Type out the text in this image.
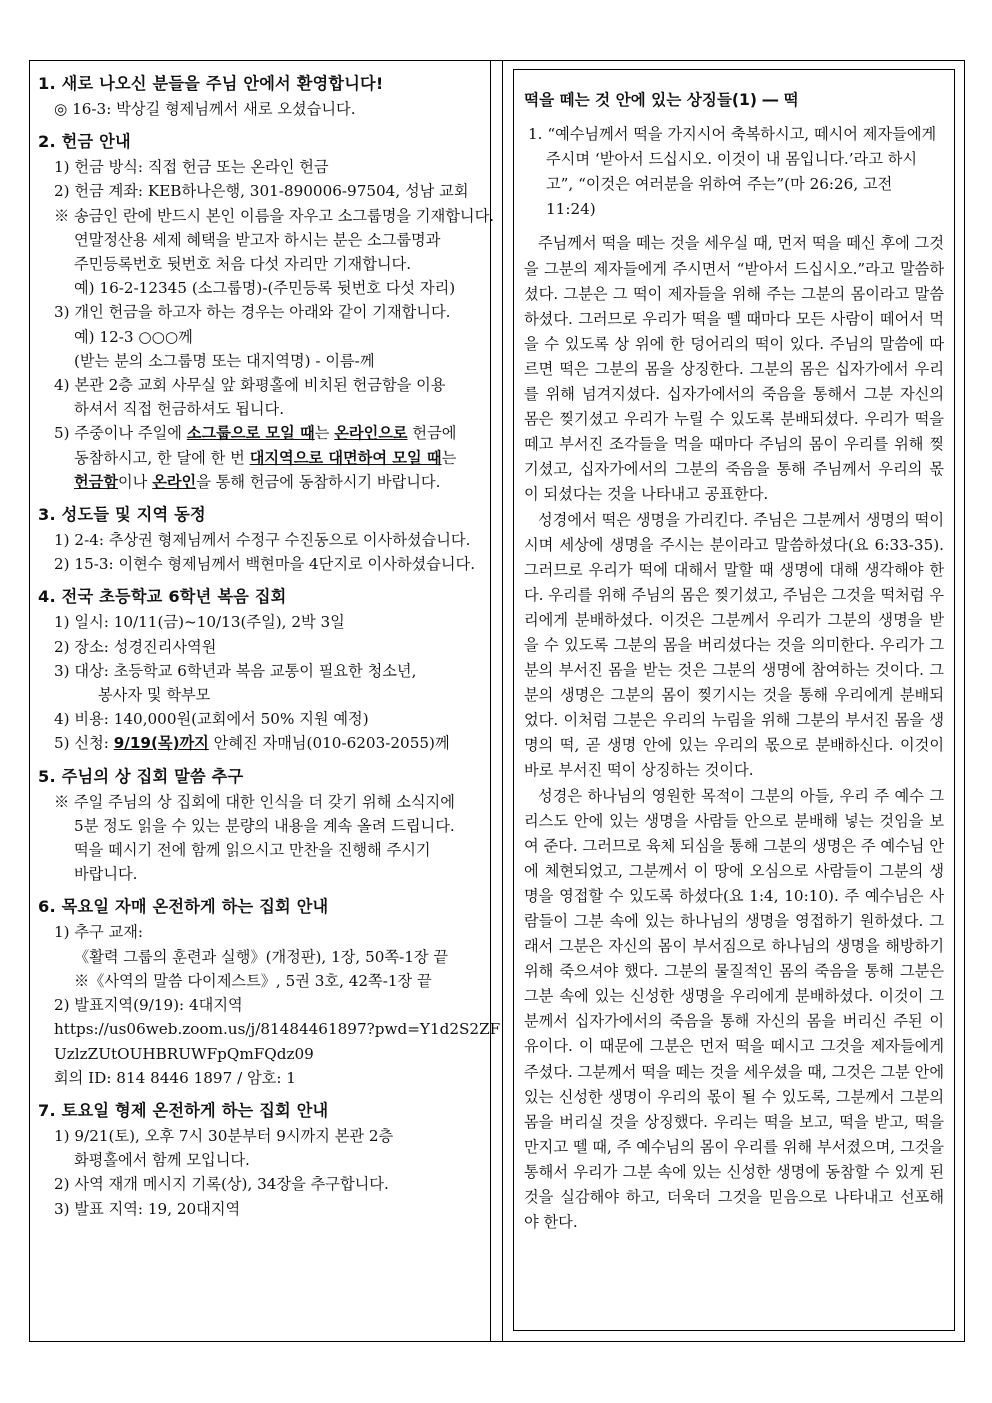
1. 새로 나오신 분들을 주님 안에서 환영합니다!
◎ 16-3: 박상길 형제님께서 새로 오셨습니다.
2. 헌금 안내
1) 헌금 방식: 직접 헌금 또는 온라인 헌금
2) 헌금 계좌: KEB하나은행, 301-890006-97504, 성남 교회
※ 송금인 란에 반드시 본인 이름을 자우고 소그룹명을 기재합니다.
연말정산용 세제 혜택을 받고자 하시는 분은 소그룹명과
주민등록번호 뒷번호 처음 다섯 자리만 기재합니다.
예) 16-2-12345 (소그룹명)-(주민등록 뒷번호 다섯 자리)
3) 개인 헌금을 하고자 하는 경우는 아래와 같이 기재합니다.
예) 12-3 ○○○께
(받는 분의 소그룹명 또는 대지역명) - 이름-께
4) 본관 2층 교회 사무실 앞 화평홀에 비치된 헌금함을 이용
하셔서 직접 헌금하셔도 됩니다.
5) 주중이나 주일에 소그룹으로 모일 때는 온라인으로 헌금에
동참하시고, 한 달에 한 번 대지역으로 대면하여 모일 때는
헌금함이나 온라인을 통해 헌금에 동참하시기 바랍니다.
3. 성도들 및 지역 동정
1) 2-4: 추상권 형제님께서 수정구 수진동으로 이사하셨습니다.
2) 15-3: 이현수 형제님께서 백현마을 4단지로 이사하셨습니다.
4. 전국 초등학교 6학년 복음 집회
1) 일시: 10/11(금)~10/13(주일), 2박 3일
2) 장소: 성경진리사역원
3) 대상: 초등학교 6학년과 복음 교통이 필요한 청소년,
봉사자 및 학부모
4) 비용: 140,000원(교회에서 50% 지원 예정)
5) 신청: 9/19(목)까지 안혜진 자매님(010-6203-2055)께
5. 주님의 상 집회 말씀 추구
※ 주일 주님의 상 집회에 대한 인식을 더 갖기 위해 소식지에
5분 정도 읽을 수 있는 분량의 내용을 계속 올려 드립니다.
떡을 떼시기 전에 함께 읽으시고 만찬을 진행해 주시기
바랍니다.
6. 목요일 자매 온전하게 하는 집회 안내
1) 추구 교재:
《활력 그룹의 훈련과 실행》(개정판), 1장, 50쪽-1장 끝
※《사역의 말씀 다이제스트》, 5권 3호, 42쪽-1장 끝
2) 발표지역(9/19): 4대지역
https://us06web.zoom.us/j/81484461897?pwd=Y1d2S2ZF
UzlzZUtOUHBRUWFpQmFQdz09
회의 ID: 814 8446 1897 / 암호: 1
7. 토요일 형제 온전하게 하는 집회 안내
1) 9/21(토), 오후 7시 30분부터 9시까지 본관 2층
화평홀에서 함께 모입니다.
2) 사역 재개 메시지 기록(상), 34장을 추구합니다.
3) 발표 지역: 19, 20대지역
떡을 떼는 것 안에 있는 상징들(1) ― 떡
1. “예수님께서 떡을 가지시어 축복하시고, 떼시어 제자들에게 주시며 ‘받아서 드십시오. 이것이 내 몸입니다.’라고 하시고”, “이것은 여러분을 위하여 주는”(마 26:26, 고전 11:24)
주님께서 떡을 떼는 것을 세우실 때, 먼저 떡을 떼신 후에 그것을 그분의 제자들에게 주시면서 “받아서 드십시오.”라고 말씀하셨다. 그분은 그 떡이 제자들을 위해 주는 그분의 몸이라고 말씀하셨다. 그러므로 우리가 떡을 뗄 때마다 모든 사람이 떼어서 먹을 수 있도록 상 위에 한 덩어리의 떡이 있다. 주님의 말씀에 따르면 떡은 그분의 몸을 상징한다. 그분의 몸은 십자가에서 우리를 위해 넘겨지셨다. 십자가에서의 죽음을 통해서 그분 자신의 몸은 찢기셨고 우리가 누릴 수 있도록 분배되셨다. 우리가 떡을 떼고 부서진 조각들을 먹을 때마다 주님의 몸이 우리를 위해 찢기셨고, 십자가에서의 그분의 죽음을 통해 주님께서 우리의 몫이 되셨다는 것을 나타내고 공표한다.
성경에서 떡은 생명을 가리킨다. 주님은 그분께서 생명의 떡이시며 세상에 생명을 주시는 분이라고 말씀하셨다(요 6:33-35). 그러므로 우리가 떡에 대해서 말할 때 생명에 대해 생각해야 한다. 우리를 위해 주님의 몸은 찢기셨고, 주님은 그것을 떡처럼 우리에게 분배하셨다. 이것은 그분께서 우리가 그분의 생명을 받을 수 있도록 그분의 몸을 버리셨다는 것을 의미한다. 우리가 그분의 부서진 몸을 받는 것은 그분의 생명에 참여하는 것이다. 그분의 생명은 그분의 몸이 찢기시는 것을 통해 우리에게 분배되었다. 이처럼 그분은 우리의 누림을 위해 그분의 부서진 몸을 생명의 떡, 곧 생명 안에 있는 우리의 몫으로 분배하신다. 이것이 바로 부서진 떡이 상징하는 것이다.
성경은 하나님의 영원한 목적이 그분의 아들, 우리 주 예수 그리스도 안에 있는 생명을 사람들 안으로 분배해 넣는 것임을 보여 준다. 그러므로 육체 되심을 통해 그분의 생명은 주 예수님 안에 체현되었고, 그분께서 이 땅에 오심으로 사람들이 그분의 생명을 영접할 수 있도록 하셨다(요 1:4, 10:10). 주 예수님은 사람들이 그분 속에 있는 하나님의 생명을 영접하기 원하셨다. 그래서 그분은 자신의 몸이 부서짐으로 하나님의 생명을 해방하기 위해 죽으셔야 했다. 그분의 물질적인 몸의 죽음을 통해 그분은 그분 속에 있는 신성한 생명을 우리에게 분배하셨다. 이것이 그분께서 십자가에서의 죽음을 통해 자신의 몸을 버리신 주된 이유이다. 이 때문에 그분은 먼저 떡을 떼시고 그것을 제자들에게 주셨다. 그분께서 떡을 떼는 것을 세우셨을 때, 그것은 그분 안에 있는 신성한 생명이 우리의 몫이 될 수 있도록, 그분께서 그분의 몸을 버리실 것을 상징했다. 우리는 떡을 보고, 떡을 받고, 떡을 만지고 뗄 때, 주 예수님의 몸이 우리를 위해 부서졌으며, 그것을 통해서 우리가 그분 속에 있는 신성한 생명에 동참할 수 있게 된 것을 실감해야 하고, 더욱더 그것을 믿음으로 나타내고 선포해야 한다.
